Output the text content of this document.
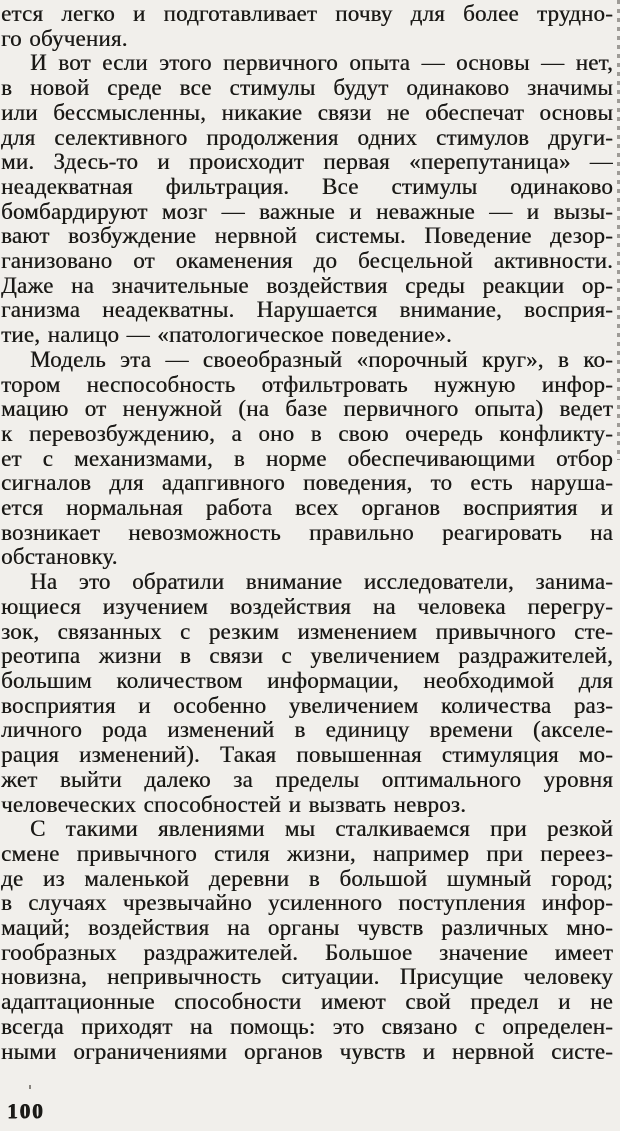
ется легко и подготавливает почву для более трудно-
го обучения.
И вот если этого первичного опыта — основы — нет,
в новой среде все стимулы будут одинаково значимы
или бессмысленны, никакие связи не обеспечат основы
для селективного продолжения одних стимулов други-
ми. Здесь-то и происходит первая «перепутаница» —
неадекватная фильтрация. Все стимулы одинаково
бомбардируют мозг — важные и неважные — и вызы-
вают возбуждение нервной системы. Поведение дезор-
ганизовано от окаменения до бесцельной активности.
Даже на значительные воздействия среды реакции ор-
ганизма неадекватны. Нарушается внимание, восприя-
тие, налицо — «патологическое поведение».
Модель эта — своеобразный «порочный круг», в ко-
тором неспособность отфильтровать нужную инфор-
мацию от ненужной (на базе первичного опыта) ведет
к перевозбуждению, а оно в свою очередь конфликту-
ет с механизмами, в норме обеспечивающими отбор
сигналов для адапгивного поведения, то есть наруша-
ется нормальная работа всех органов восприятия и
возникает невозможность правильно реагировать на
обстановку.
На это обратили внимание исследователи, занима-
ющиеся изучением воздействия на человека перегру-
зок, связанных с резким изменением привычного сте-
реотипа жизни в связи с увеличением раздражителей,
большим количеством информации, необходимой для
восприятия и особенно увеличением количества раз-
личного рода изменений в единицу времени (акселе-
рация изменений). Такая повышенная стимуляция мо-
жет выйти далеко за пределы оптимального уровня
человеческих способностей и вызвать невроз.
С такими явлениями мы сталкиваемся при резкой
смене привычного стиля жизни, например при переез-
де из маленькой деревни в большой шумный город;
в случаях чрезвычайно усиленного поступления инфор-
маций; воздействия на органы чувств различных мно-
гообразных раздражителей. Большое значение имеет
новизна, непривычность ситуации. Присущие человеку
адаптационные способности имеют свой предел и не
всегда приходят на помощь: это связано с определен-
ными ограничениями органов чувств и нервной систе-
100
